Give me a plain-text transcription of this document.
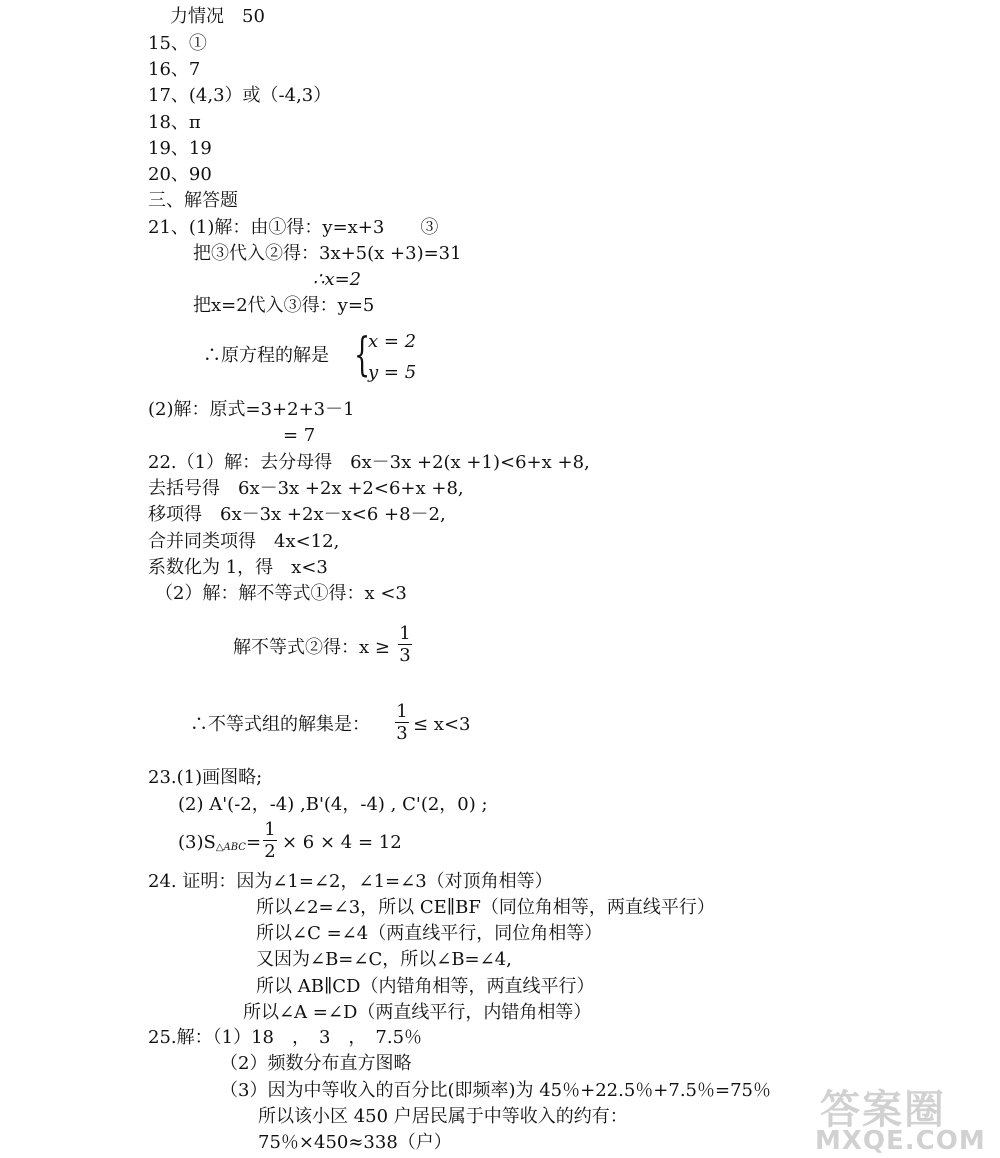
力情况　50
15、①
16、7
17、(4,3）或（-4,3）
18、π
19、19
20、90
三、解答题
21、(1)解：由①得：y=x+3　　③
把③代入②得：3x+5(x +3)=31
∴x=2
把x=2代入③得：y=5
∴原方程的解是 {
x = 2
y = 5
(2)解：原式=3+2+3－1
= 7
22.（1）解：去分母得　6x－3x +2(x +1)<6+x +8,
去括号得　6x－3x +2x +2<6+x +8,
移项得　6x－3x +2x－x<6 +8－2,
合并同类项得　4x<12,
系数化为 1，得　x<3
（2）解：解不等式①得：x <3
解不等式②得：$x \ge \frac{1}{3}$
∴不等式组的解集是： $\frac{1}{3} \le x<3$
23.(1)画图略;
(2) A'(-2，-4) ,B'(4，-4) , C'(2，0) ;
$(3)S_{\triangle ABC}= \frac{1}{2} \times 6 \times 4 = 12$
24. 证明：因为∠1=∠2，∠1=∠3（对顶角相等）
所以∠2=∠3，所以 CE∥BF（同位角相等，两直线平行）
所以∠C =∠4（两直线平行，同位角相等）
又因为∠B=∠C，所以∠B=∠4,
所以 AB∥CD（内错角相等，两直线平行）
所以∠A =∠D（两直线平行，内错角相等）
25.解：（1）18　，　3　，　7.5％
（2）频数分布直方图略
（3）因为中等收入的百分比(即频率)为 45％+22.5％+7.5％=75％
所以该小区 450 户居民属于中等收入的约有：
75％×450≈338（户）
答案圈
MXQE.COM
